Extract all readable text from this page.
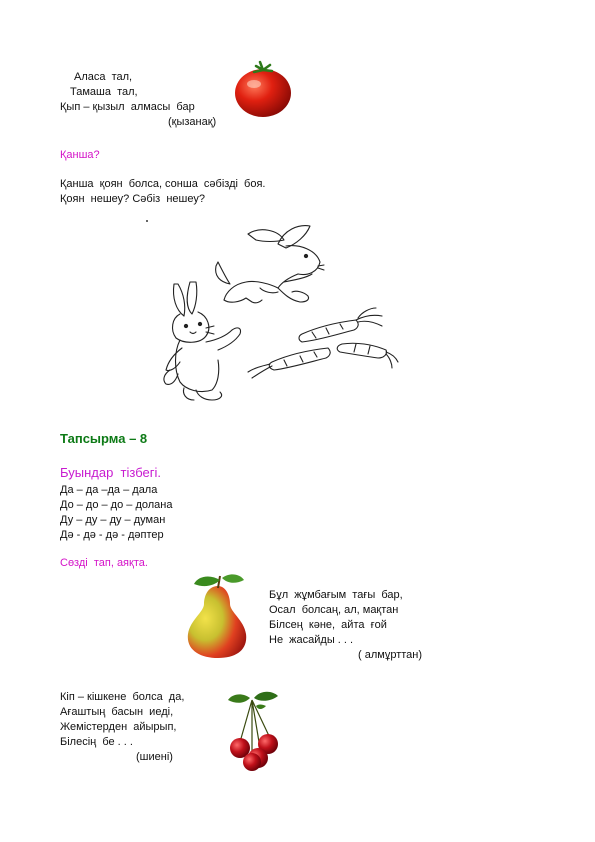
Аласа  тал,
Тамаша  тал,
Қып – қызыл  алмасы  бар
(қызанақ)
Қанша?
Қанша  қоян  болса, сонша  сәбізді  боя.
Қоян  нешеу? Сәбіз  нешеу?
Тапсырма – 8
Буындар  тізбегі.
Да – да –да – дала
До – до – до – долана
Ду – ду – ду – думан
Дә - дә - дә - дәптер
Сөзді  тап, аяқта.
Бұл  жұмбағым  тағы  бар,
Осал  болсаң, ал, мақтан
Білсең  кәне,  айта  ғой
Не  жасайды . . .
( алмұрттан)
Кіп – кішкене  болса  да,
Ағаштың  басын  иеді,
Жемістерден  айырып,
Білесің  бе . . .
(шиені)
